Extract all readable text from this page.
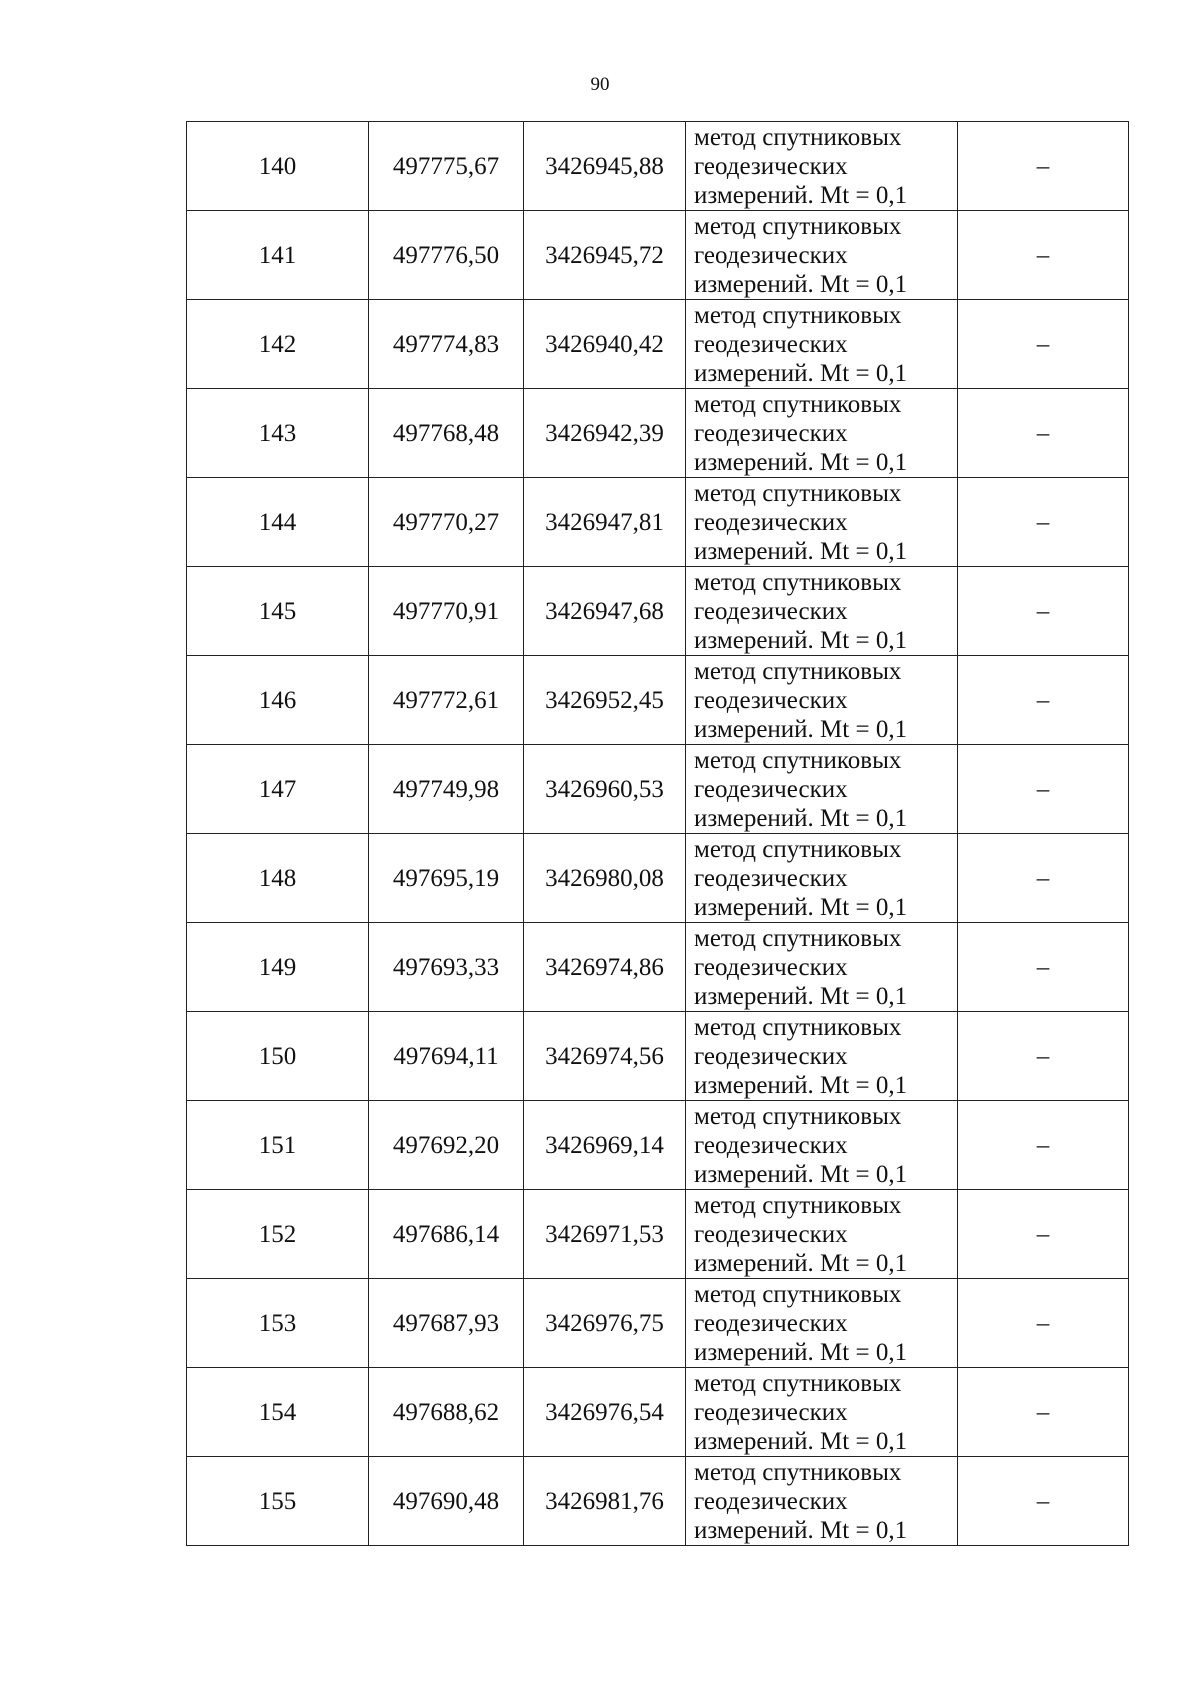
90
140	497775,67	3426945,88	метод спутниковых
геодезических
измерений. Mt = 0,1	–
141	497776,50	3426945,72	метод спутниковых
геодезических
измерений. Mt = 0,1	–
142	497774,83	3426940,42	метод спутниковых
геодезических
измерений. Mt = 0,1	–
143	497768,48	3426942,39	метод спутниковых
геодезических
измерений. Mt = 0,1	–
144	497770,27	3426947,81	метод спутниковых
геодезических
измерений. Mt = 0,1	–
145	497770,91	3426947,68	метод спутниковых
геодезических
измерений. Mt = 0,1	–
146	497772,61	3426952,45	метод спутниковых
геодезических
измерений. Mt = 0,1	–
147	497749,98	3426960,53	метод спутниковых
геодезических
измерений. Mt = 0,1	–
148	497695,19	3426980,08	метод спутниковых
геодезических
измерений. Mt = 0,1	–
149	497693,33	3426974,86	метод спутниковых
геодезических
измерений. Mt = 0,1	–
150	497694,11	3426974,56	метод спутниковых
геодезических
измерений. Mt = 0,1	–
151	497692,20	3426969,14	метод спутниковых
геодезических
измерений. Mt = 0,1	–
152	497686,14	3426971,53	метод спутниковых
геодезических
измерений. Mt = 0,1	–
153	497687,93	3426976,75	метод спутниковых
геодезических
измерений. Mt = 0,1	–
154	497688,62	3426976,54	метод спутниковых
геодезических
измерений. Mt = 0,1	–
155	497690,48	3426981,76	метод спутниковых
геодезических
измерений. Mt = 0,1	–
